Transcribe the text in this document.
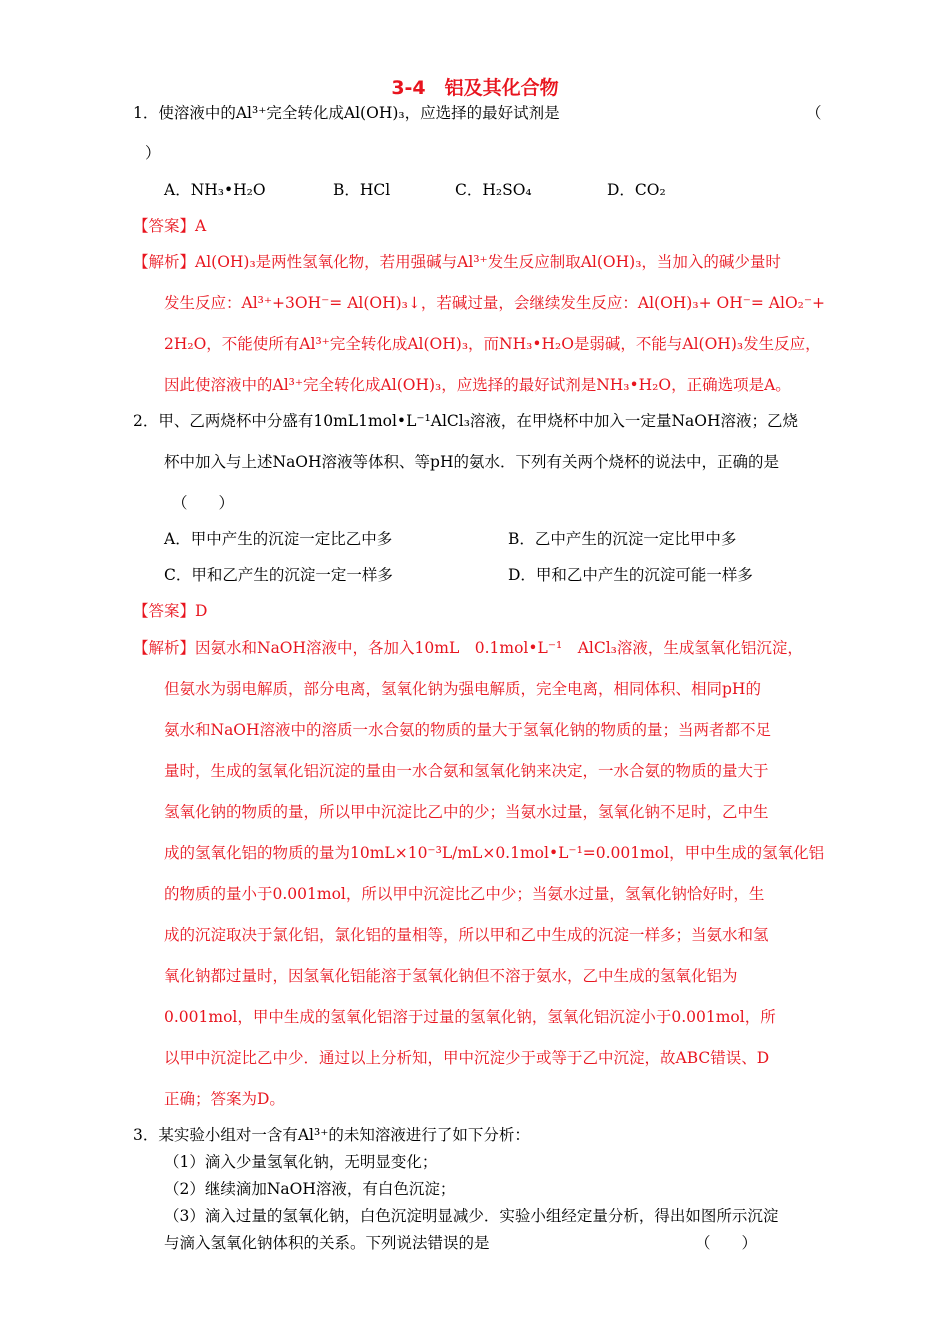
3-4　铝及其化合物
1．使溶液中的Al³⁺完全转化成Al(OH)₃，应选择的最好试剂是	（
）
A．NH₃•H₂O	B．HCl	C．H₂SO₄	D．CO₂
【答案】A
【解析】Al(OH)₃是两性氢氧化物，若用强碱与Al³⁺发生反应制取Al(OH)₃，当加入的碱少量时
发生反应：Al³⁺+3OH⁻= Al(OH)₃↓，若碱过量，会继续发生反应：Al(OH)₃+ OH⁻= AlO₂⁻+
2H₂O，不能使所有Al³⁺完全转化成Al(OH)₃，而NH₃•H₂O是弱碱，不能与Al(OH)₃发生反应，
因此使溶液中的Al³⁺完全转化成Al(OH)₃，应选择的最好试剂是NH₃•H₂O，正确选项是A。
2．甲、乙两烧杯中分盛有10mL1mol•L⁻¹AlCl₃溶液，在甲烧杯中加入一定量NaOH溶液；乙烧
杯中加入与上述NaOH溶液等体积、等pH的氨水．下列有关两个烧杯的说法中，正确的是
（　　）
A．甲中产生的沉淀一定比乙中多	B．乙中产生的沉淀一定比甲中多
C．甲和乙产生的沉淀一定一样多	D．甲和乙中产生的沉淀可能一样多
【答案】D
【解析】因氨水和NaOH溶液中，各加入10mL　0.1mol•L⁻¹　AlCl₃溶液，生成氢氧化铝沉淀，
但氨水为弱电解质，部分电离，氢氧化钠为强电解质，完全电离，相同体积、相同pH的
氨水和NaOH溶液中的溶质一水合氨的物质的量大于氢氧化钠的物质的量；当两者都不足
量时，生成的氢氧化铝沉淀的量由一水合氨和氢氧化钠来决定，一水合氨的物质的量大于
氢氧化钠的物质的量，所以甲中沉淀比乙中的少；当氨水过量，氢氧化钠不足时，乙中生
成的氢氧化铝的物质的量为10mL×10⁻³L/mL×0.1mol•L⁻¹=0.001mol，甲中生成的氢氧化铝
的物质的量小于0.001mol，所以甲中沉淀比乙中少；当氨水过量，氢氧化钠恰好时，生
成的沉淀取决于氯化铝，氯化铝的量相等，所以甲和乙中生成的沉淀一样多；当氨水和氢
氧化钠都过量时，因氢氧化铝能溶于氢氧化钠但不溶于氨水，乙中生成的氢氧化铝为
0.001mol，甲中生成的氢氧化铝溶于过量的氢氧化钠，氢氧化铝沉淀小于0.001mol，所
以甲中沉淀比乙中少．通过以上分析知，甲中沉淀少于或等于乙中沉淀，故ABC错误、D
正确；答案为D。
3．某实验小组对一含有Al³⁺的未知溶液进行了如下分析：
（1）滴入少量氢氧化钠，无明显变化；
（2）继续滴加NaOH溶液，有白色沉淀；
（3）滴入过量的氢氧化钠，白色沉淀明显减少．实验小组经定量分析，得出如图所示沉淀
与滴入氢氧化钠体积的关系。下列说法错误的是	（　　）
